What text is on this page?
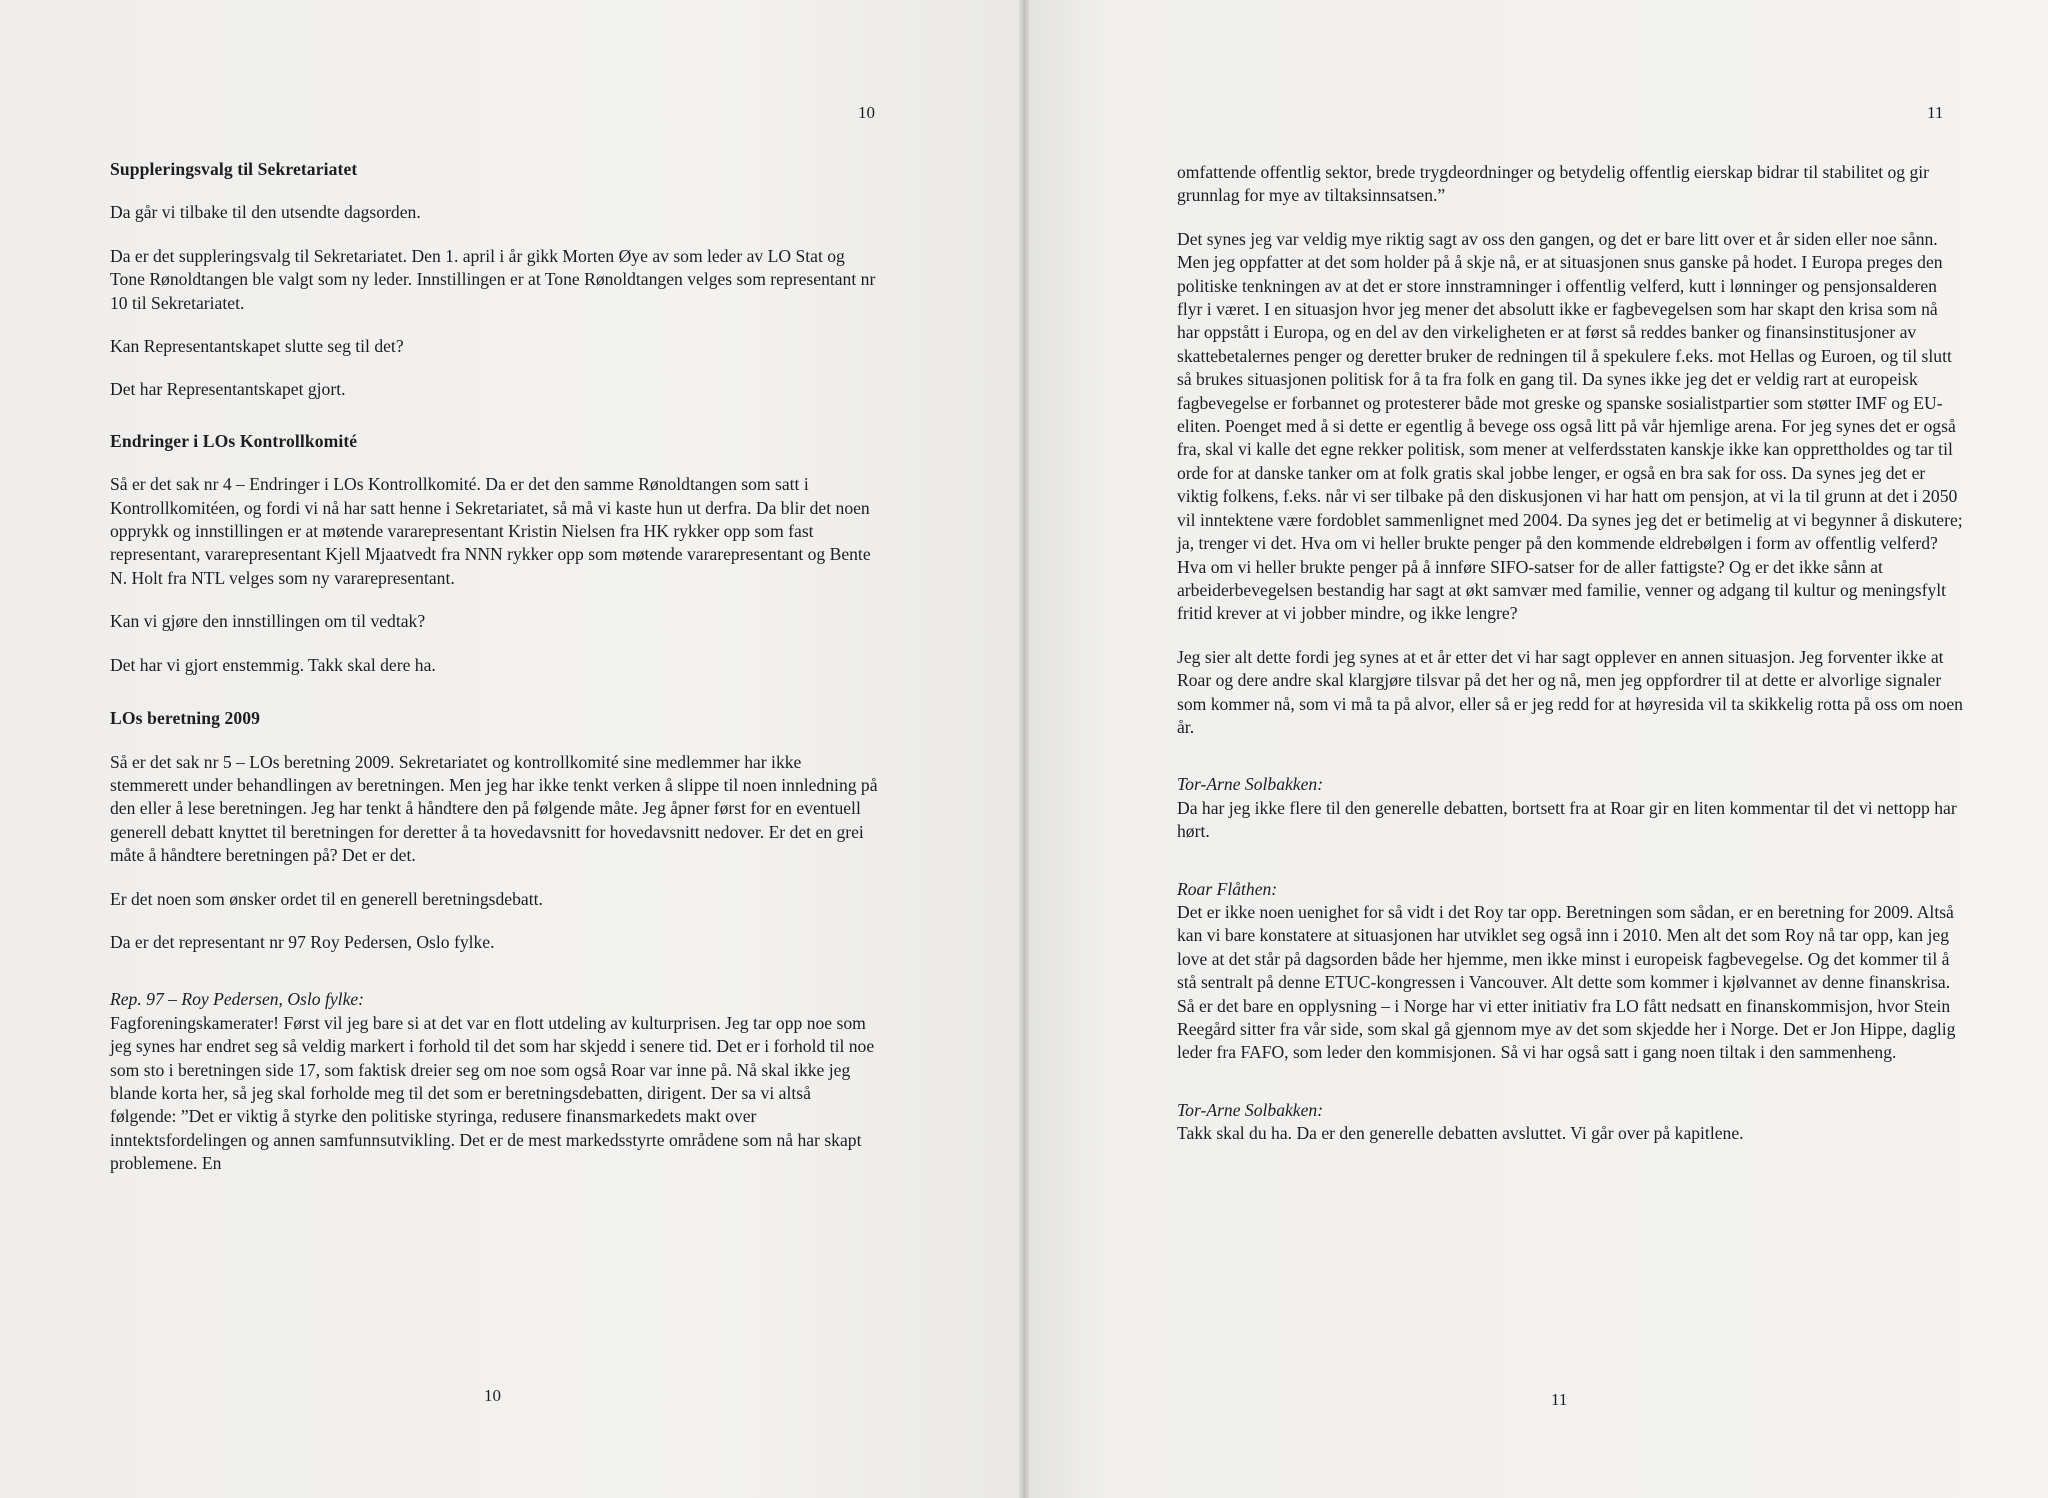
10
Suppleringsvalg til Sekretariatet

Da går vi tilbake til den utsendte dagsorden.

Da er det suppleringsvalg til Sekretariatet. Den 1. april i år gikk Morten Øye av som leder av LO Stat og Tone Rønoldtangen ble valgt som ny leder. Innstillingen er at Tone Rønoldtangen velges som representant nr 10 til Sekretariatet.

Kan Representantskapet slutte seg til det?

Det har Representantskapet gjort.

Endringer i LOs Kontrollkomité

Så er det sak nr 4 – Endringer i LOs Kontrollkomité. Da er det den samme Rønoldtangen som satt i Kontrollkomitéen, og fordi vi nå har satt henne i Sekretariatet, så må vi kaste hun ut derfra. Da blir det noen opprykk og innstillingen er at møtende vararepresentant Kristin Nielsen fra HK rykker opp som fast representant, vararepresentant Kjell Mjaatvedt fra NNN rykker opp som møtende vararepresentant og Bente N. Holt fra NTL velges som ny vararepresentant.

Kan vi gjøre den innstillingen om til vedtak?

Det har vi gjort enstemmig. Takk skal dere ha.

LOs beretning 2009

Så er det sak nr 5 – LOs beretning 2009. Sekretariatet og kontrollkomité sine medlemmer har ikke stemmerett under behandlingen av beretningen. Men jeg har ikke tenkt verken å slippe til noen innledning på den eller å lese beretningen. Jeg har tenkt å håndtere den på følgende måte. Jeg åpner først for en eventuell generell debatt knyttet til beretningen for deretter å ta hovedavsnitt for hovedavsnitt nedover. Er det en grei måte å håndtere beretningen på? Det er det.

Er det noen som ønsker ordet til en generell beretningsdebatt.

Da er det representant nr 97 Roy Pedersen, Oslo fylke.

Rep. 97 – Roy Pedersen, Oslo fylke:

Fagforeningskamerater! Først vil jeg bare si at det var en flott utdeling av kulturprisen. Jeg tar opp noe som jeg synes har endret seg så veldig markert i forhold til det som har skjedd i senere tid. Det er i forhold til noe som sto i beretningen side 17, som faktisk dreier seg om noe som også Roar var inne på. Nå skal ikke jeg blande korta her, så jeg skal forholde meg til det som er beretningsdebatten, dirigent. Der sa vi altså følgende: ”Det er viktig å styrke den politiske styringa, redusere finansmarkedets makt over inntektsfordelingen og annen samfunnsutvikling. Det er de mest markedsstyrte områdene som nå har skapt problemene. En

10
11

omfattende offentlig sektor, brede trygdeordninger og betydelig offentlig eierskap bidrar til stabilitet og gir grunnlag for mye av tiltaksinnsatsen.”

Det synes jeg var veldig mye riktig sagt av oss den gangen, og det er bare litt over et år siden eller noe sånn. Men jeg oppfatter at det som holder på å skje nå, er at situasjonen snus ganske på hodet. I Europa preges den politiske tenkningen av at det er store innstramninger i offentlig velferd, kutt i lønninger og pensjonsalderen flyr i været. I en situasjon hvor jeg mener det absolutt ikke er fagbevegelsen som har skapt den krisa som nå har oppstått i Europa, og en del av den virkeligheten er at først så reddes banker og finansinstitusjoner av skattebetalernes penger og deretter bruker de redningen til å spekulere f.eks. mot Hellas og Euroen, og til slutt så brukes situasjonen politisk for å ta fra folk en gang til. Da synes ikke jeg det er veldig rart at europeisk fagbevegelse er forbannet og protesterer både mot greske og spanske sosialistpartier som støtter IMF og EU-eliten. Poenget med å si dette er egentlig å bevege oss også litt på vår hjemlige arena. For jeg synes det er også fra, skal vi kalle det egne rekker politisk, som mener at velferdsstaten kanskje ikke kan opprettholdes og tar til orde for at danske tanker om at folk gratis skal jobbe lenger, er også en bra sak for oss. Da synes jeg det er viktig folkens, f.eks. når vi ser tilbake på den diskusjonen vi har hatt om pensjon, at vi la til grunn at det i 2050 vil inntektene være fordoblet sammenlignet med 2004. Da synes jeg det er betimelig at vi begynner å diskutere; ja, trenger vi det. Hva om vi heller brukte penger på den kommende eldrebølgen i form av offentlig velferd? Hva om vi heller brukte penger på å innføre SIFO-satser for de aller fattigste? Og er det ikke sånn at arbeiderbevegelsen bestandig har sagt at økt samvær med familie, venner og adgang til kultur og meningsfylt fritid krever at vi jobber mindre, og ikke lengre?

Jeg sier alt dette fordi jeg synes at et år etter det vi har sagt opplever en annen situasjon. Jeg forventer ikke at Roar og dere andre skal klargjøre tilsvar på det her og nå, men jeg oppfordrer til at dette er alvorlige signaler som kommer nå, som vi må ta på alvor, eller så er jeg redd for at høyresida vil ta skikkelig rotta på oss om noen år.

Tor-Arne Solbakken:

Da har jeg ikke flere til den generelle debatten, bortsett fra at Roar gir en liten kommentar til det vi nettopp har hørt.

Roar Flåthen:

Det er ikke noen uenighet for så vidt i det Roy tar opp. Beretningen som sådan, er en beretning for 2009. Altså kan vi bare konstatere at situasjonen har utviklet seg også inn i 2010. Men alt det som Roy nå tar opp, kan jeg love at det står på dagsorden både her hjemme, men ikke minst i europeisk fagbevegelse. Og det kommer til å stå sentralt på denne ETUC-kongressen i Vancouver. Alt dette som kommer i kjølvannet av denne finanskrisa. Så er det bare en opplysning – i Norge har vi etter initiativ fra LO fått nedsatt en finanskommisjon, hvor Stein Reegård sitter fra vår side, som skal gå gjennom mye av det som skjedde her i Norge. Det er Jon Hippe, daglig leder fra FAFO, som leder den kommisjonen. Så vi har også satt i gang noen tiltak i den sammenheng.

Tor-Arne Solbakken:

Takk skal du ha. Da er den generelle debatten avsluttet. Vi går over på kapitlene.

11
